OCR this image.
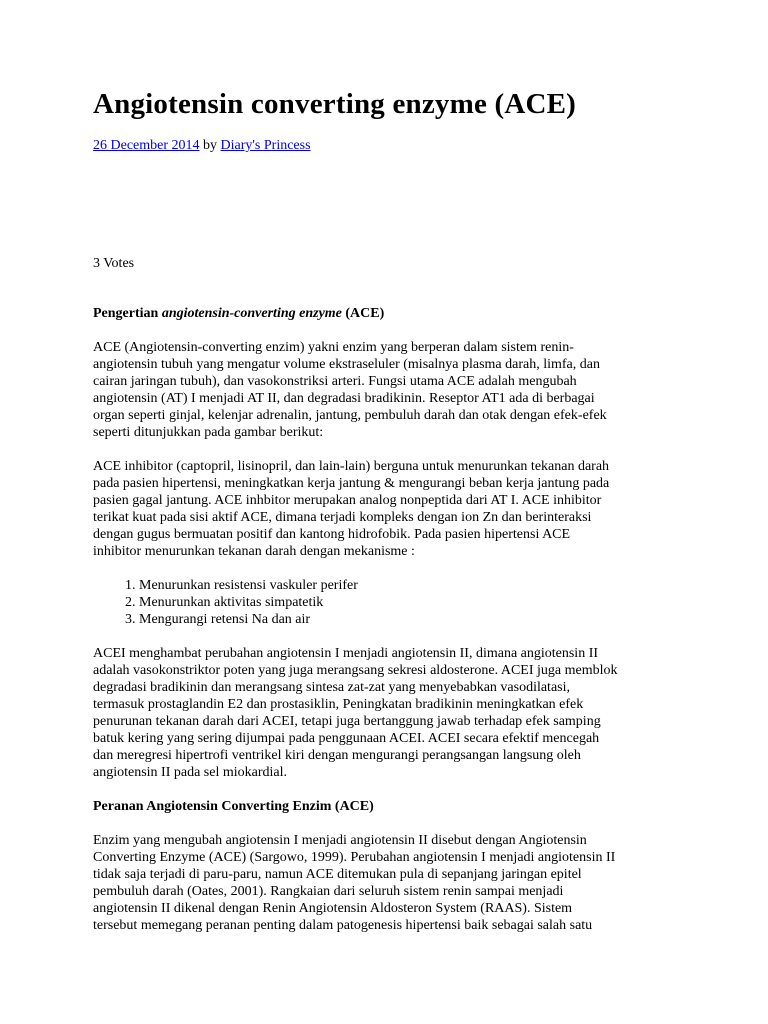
Angiotensin converting enzyme (ACE)
26 December 2014 by Diary's Princess
3 Votes

Pengertian angiotensin-converting enzyme (ACE)

ACE (Angiotensin-converting enzim) yakni enzim yang berperan dalam sistem renin-
angiotensin tubuh yang mengatur volume ekstraseluler (misalnya plasma darah, limfa, dan
cairan jaringan tubuh), dan vasokonstriksi arteri. Fungsi utama ACE adalah mengubah
angiotensin (AT) I menjadi AT II, dan degradasi bradikinin. Reseptor AT1 ada di berbagai
organ seperti ginjal, kelenjar adrenalin, jantung, pembuluh darah dan otak dengan efek-efek
seperti ditunjukkan pada gambar berikut:

ACE inhibitor (captopril, lisinopril, dan lain-lain) berguna untuk menurunkan tekanan darah
pada pasien hipertensi, meningkatkan kerja jantung & mengurangi beban kerja jantung pada
pasien gagal jantung. ACE inhbitor merupakan analog nonpeptida dari AT I. ACE inhibitor
terikat kuat pada sisi aktif ACE, dimana terjadi kompleks dengan ion Zn dan berinteraksi
dengan gugus bermuatan positif dan kantong hidrofobik. Pada pasien hipertensi ACE
inhibitor menurunkan tekanan darah dengan mekanisme :

1. Menurunkan resistensi vaskuler perifer
2. Menurunkan aktivitas simpatetik
3. Mengurangi retensi Na dan air

ACEI menghambat perubahan angiotensin I menjadi angiotensin II, dimana angiotensin II
adalah vasokonstriktor poten yang juga merangsang sekresi aldosterone. ACEI juga memblok
degradasi bradikinin dan merangsang sintesa zat-zat yang menyebabkan vasodilatasi,
termasuk prostaglandin E2 dan prostasiklin, Peningkatan bradikinin meningkatkan efek
penurunan tekanan darah dari ACEI, tetapi juga bertanggung jawab terhadap efek samping
batuk kering yang sering dijumpai pada penggunaan ACEI. ACEI secara efektif mencegah
dan meregresi hipertrofi ventrikel kiri dengan mengurangi perangsangan langsung oleh
angiotensin II pada sel miokardial.

Peranan Angiotensin Converting Enzim (ACE)

Enzim yang mengubah angiotensin I menjadi angiotensin II disebut dengan Angiotensin
Converting Enzyme (ACE) (Sargowo, 1999). Perubahan angiotensin I menjadi angiotensin II
tidak saja terjadi di paru-paru, namun ACE ditemukan pula di sepanjang jaringan epitel
pembuluh darah (Oates, 2001). Rangkaian dari seluruh sistem renin sampai menjadi
angiotensin II dikenal dengan Renin Angiotensin Aldosteron System (RAAS). Sistem
tersebut memegang peranan penting dalam patogenesis hipertensi baik sebagai salah satu
